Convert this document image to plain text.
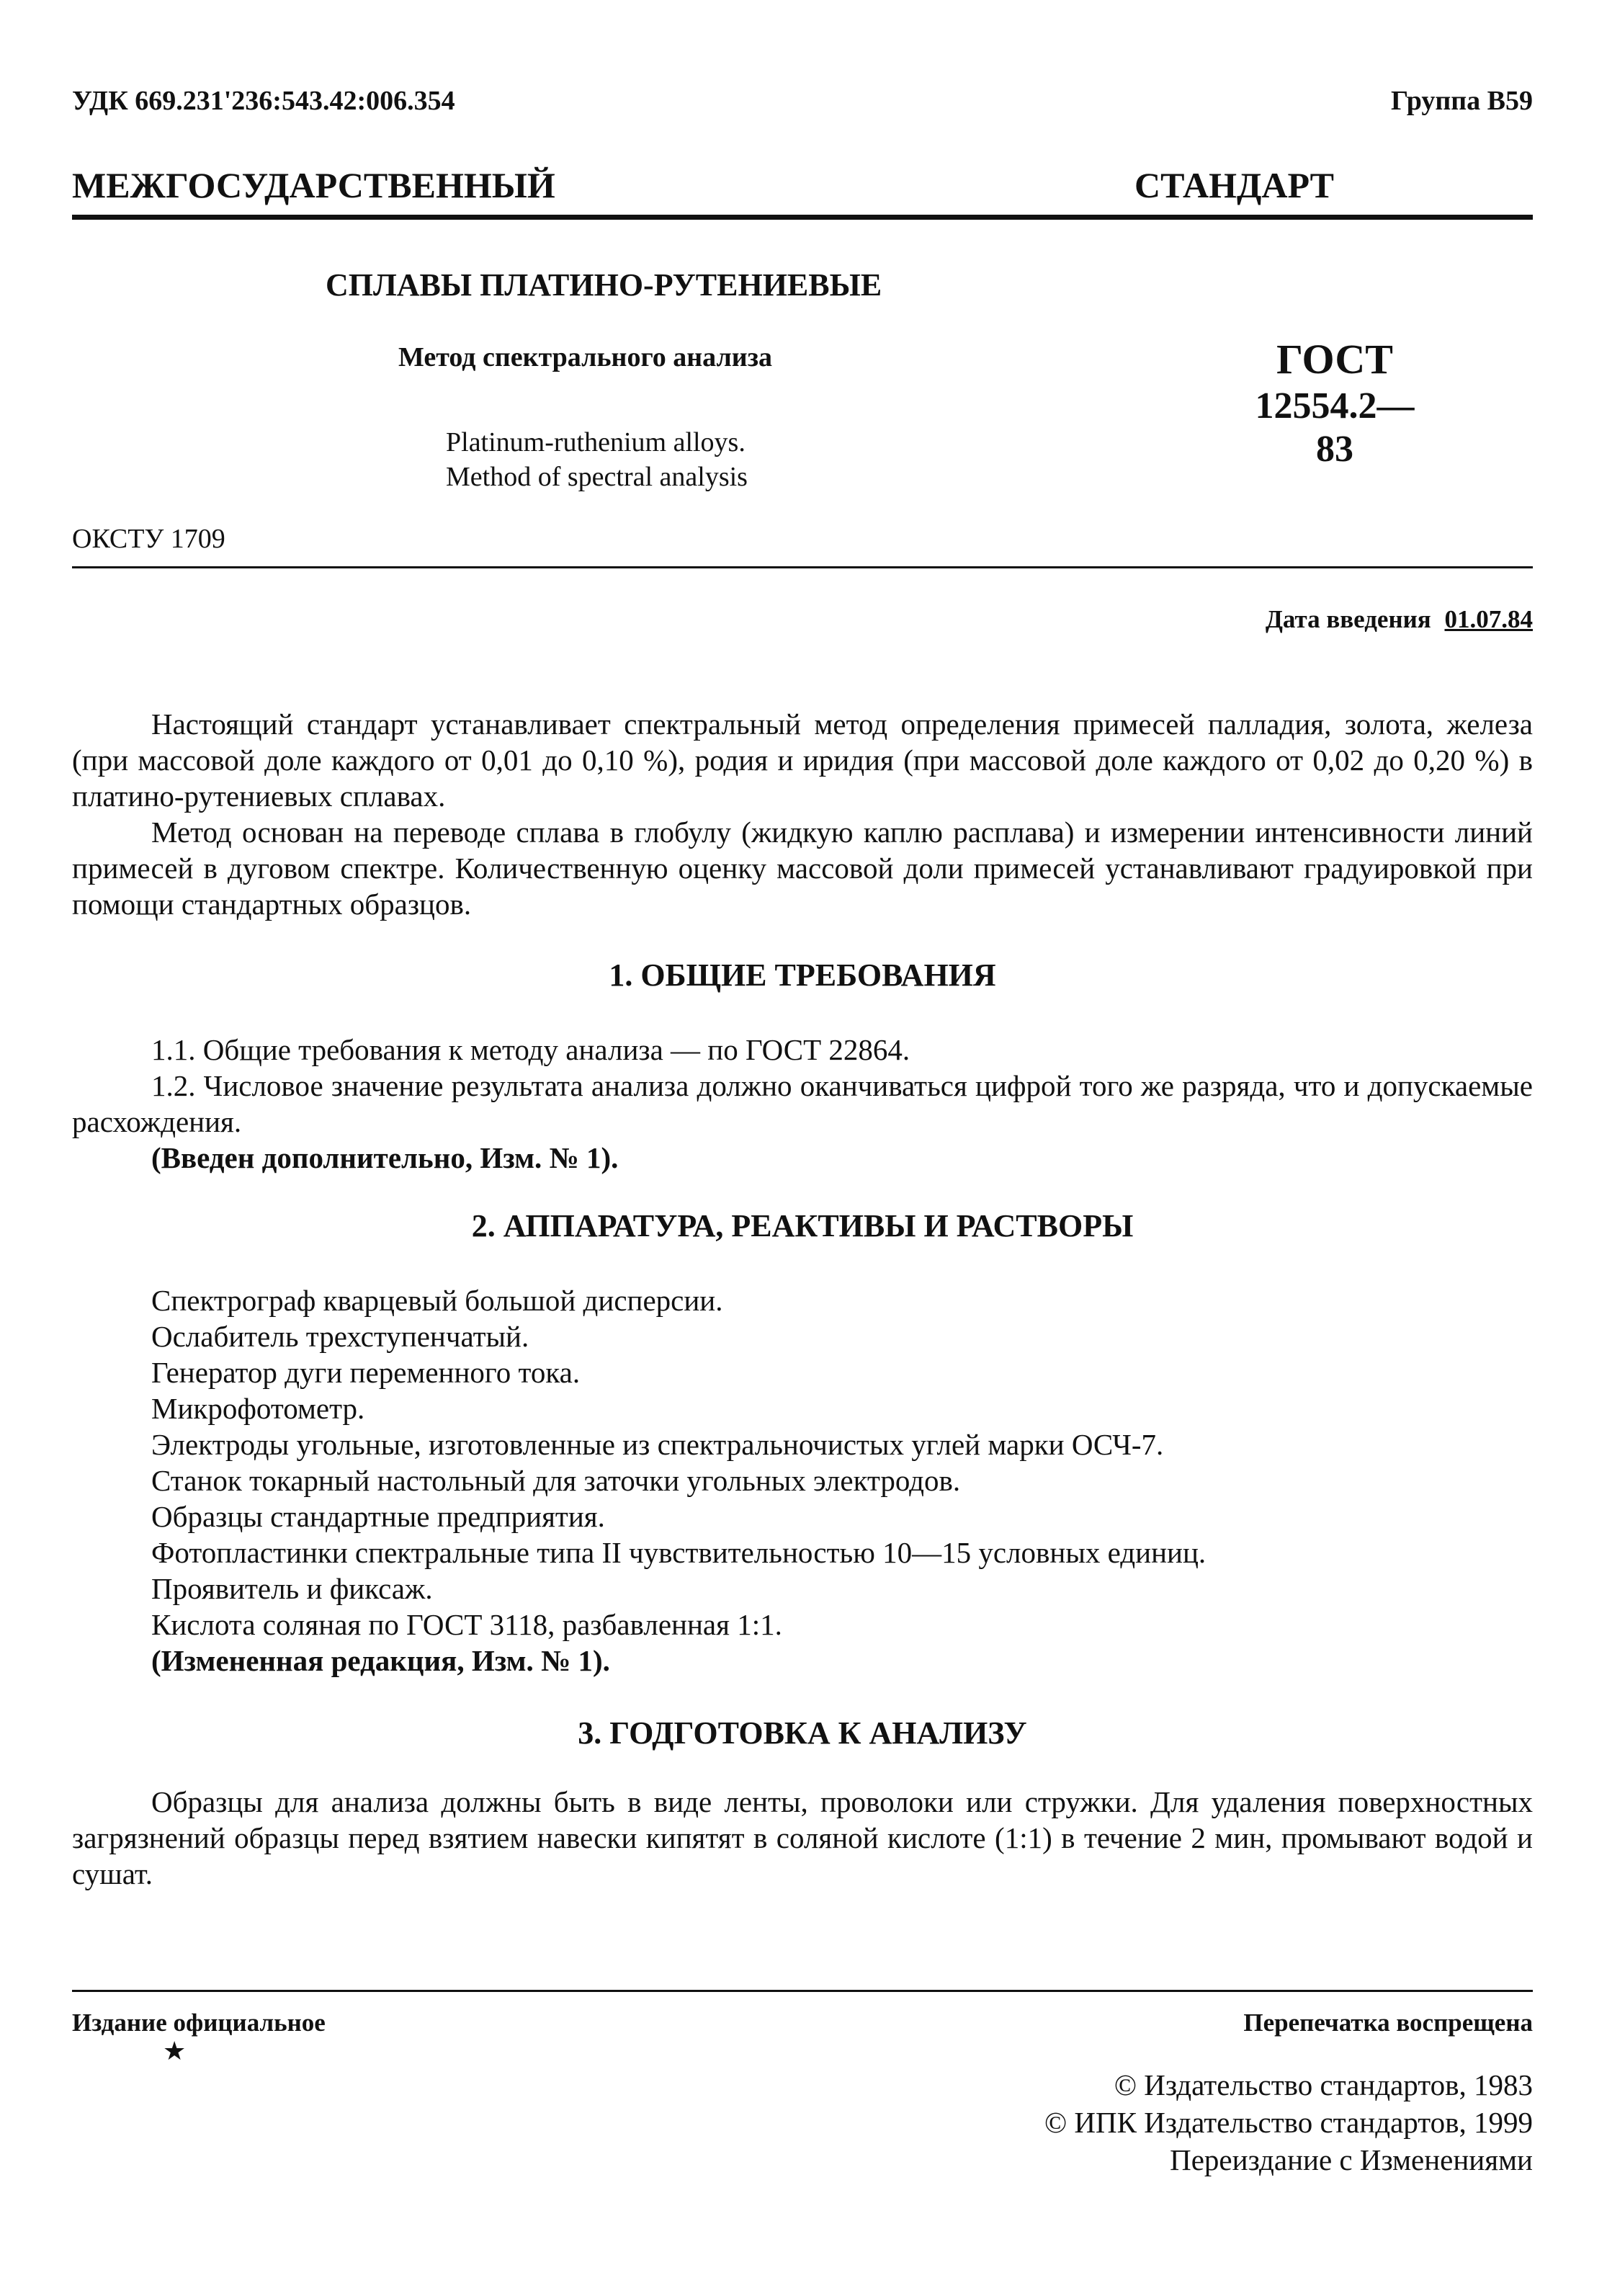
УДК 669.231'236:543.42:006.354	Группа В59
МЕЖГОСУДАРСТВЕННЫЙ	СТАНДАРТ
СПЛАВЫ ПЛАТИНО-РУТЕНИЕВЫЕ
Метод спектрального анализа	ГОСТ
12554.2—83
Platinum-ruthenium alloys.
Method of spectral analysis
ОКСТУ 1709
Дата введения 01.07.84

Настоящий стандарт устанавливает спектральный метод определения примесей палладия, золота, железа (при массовой доле каждого от 0,01 до 0,10 %), родия и иридия (при массовой доле каждого от 0,02 до 0,20 %) в платино-рутениевых сплавах.

Метод основан на переводе сплава в глобулу (жидкую каплю расплава) и измерении интенсивности линий примесей в дуговом спектре. Количественную оценку массовой доли примесей устанавливают градуировкой при помощи стандартных образцов.

1. ОБЩИЕ ТРЕБОВАНИЯ

1.1. Общие требования к методу анализа — по ГОСТ 22864.

1.2. Числовое значение результата анализа должно оканчиваться цифрой того же разряда, что и допускаемые расхождения.

(Введен дополнительно, Изм. № 1).

2. АППАРАТУРА, РЕАКТИВЫ И РАСТВОРЫ
Спектрограф кварцевый большой дисперсии.
Ослабитель трехступенчатый.
Генератор дуги переменного тока.
Микрофотометр.
Электроды угольные, изготовленные из спектральночистых углей марки ОСЧ-7.
Станок токарный настольный для заточки угольных электродов.
Образцы стандартные предприятия.
Фотопластинки спектральные типа II чувствительностью 10—15 условных единиц.
Проявитель и фиксаж.
Кислота соляная по ГОСТ 3118, разбавленная 1:1.
(Измененная редакция, Изм. № 1).
3. ГОДГОТОВКА К АНАЛИЗУ

Образцы для анализа должны быть в виде ленты, проволоки или стружки. Для удаления поверхностных загрязнений образцы перед взятием навески кипятят в соляной кислоте (1:1) в течение 2 мин, промывают водой и сушат.

Издание официальное
★
Перепечатка воспрещена
© Издательство стандартов, 1983
© ИПК Издательство стандартов, 1999
Переиздание с Изменениями
